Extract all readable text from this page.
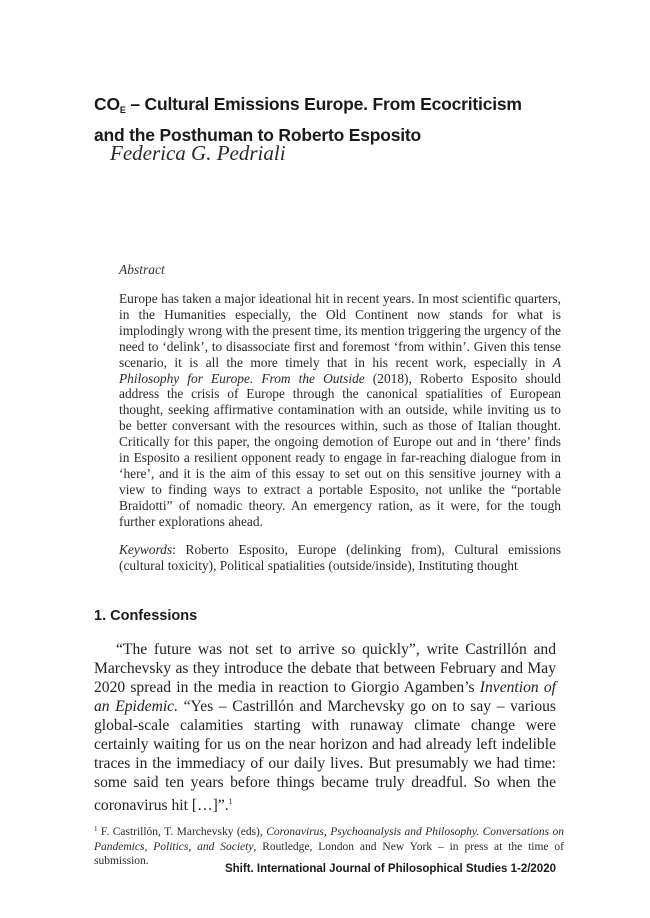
$CO_E$ – Cultural Emissions Europe. From Ecocriticism
and the Posthuman to Roberto Esposito
Federica G. Pedriali
Abstract

Europe has taken a major ideational hit in recent years. In most scientific quarters, in the Humanities especially, the Old Continent now stands for what is implodingly wrong with the present time, its mention triggering the urgency of the need to ‘delink’, to disassociate first and foremost ‘from within’. Given this tense scenario, it is all the more timely that in his recent work, especially in A Philosophy for Europe. From the Outside (2018), Roberto Esposito should address the crisis of Europe through the canonical spatialities of European thought, seeking affirmative contamination with an outside, while inviting us to be better conversant with the resources within, such as those of Italian thought. Critically for this paper, the ongoing demotion of Europe out and in ‘there’ finds in Esposito a resilient opponent ready to engage in far-reaching dialogue from in ‘here’, and it is the aim of this essay to set out on this sensitive journey with a view to finding ways to extract a portable Esposito, not unlike the “portable Braidotti” of nomadic theory. An emergency ration, as it were, for the tough further explorations ahead.

Keywords: Roberto Esposito, Europe (delinking from), Cultural emissions (cultural toxicity), Political spatialities (outside/inside), Instituting thought

1. Confessions

“The future was not set to arrive so quickly”, write Castrillón and Marchevsky as they introduce the debate that between February and May 2020 spread in the media in reaction to Giorgio Agamben’s Invention of an Epidemic. “Yes – Castrillón and Marchevsky go on to say – various global-scale calamities starting with runaway climate change were certainly waiting for us on the near horizon and had already left indelible traces in the immediacy of our daily lives. But presumably we had time: some said ten years before things became truly dreadful. So when the coronavirus hit […]”.$^1$

$^1$ F. Castrillón, T. Marchevsky (eds), Coronavirus, Psychoanalysis and Philosophy. Conversations on Pandemics, Politics, and Society, Routledge, London and New York – in press at the time of submission.

Shift. International Journal of Philosophical Studies 1-2/2020
